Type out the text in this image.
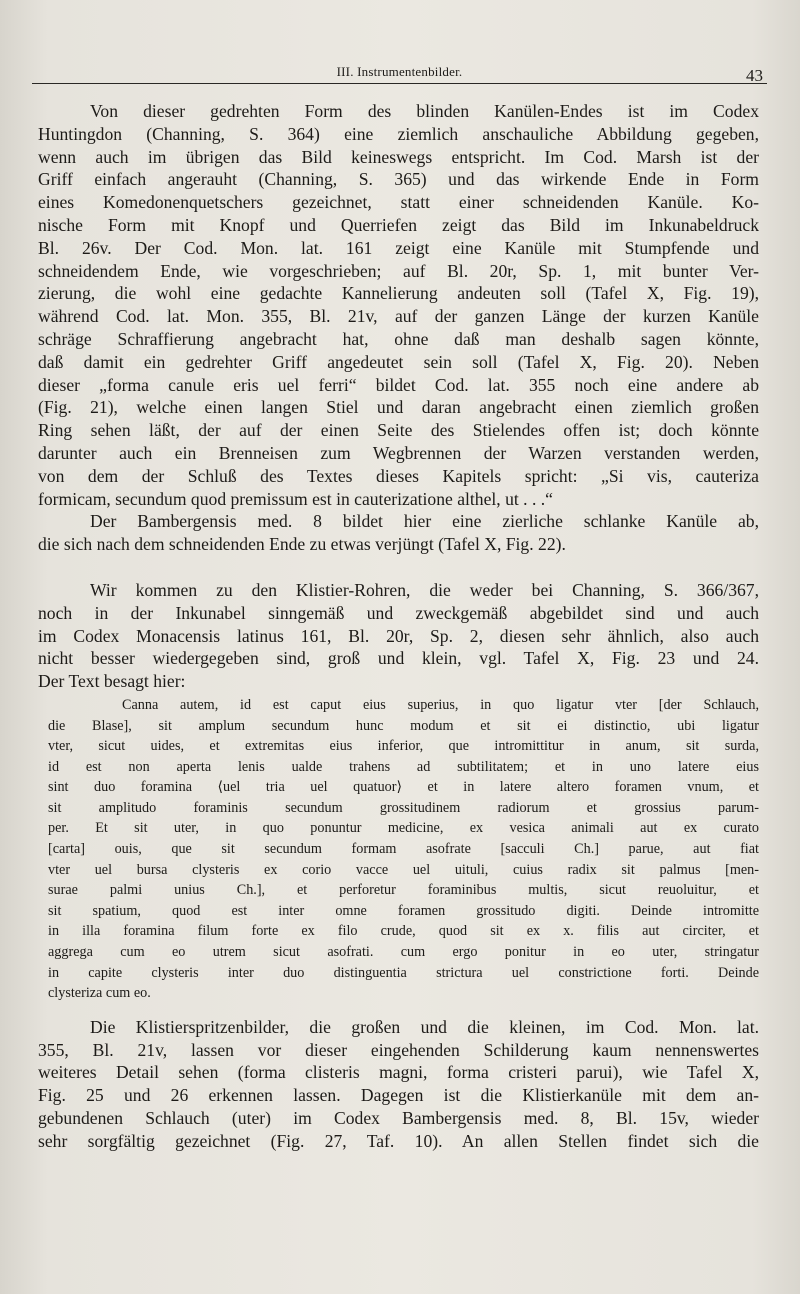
III. Instrumentenbilder.	43
Von dieser gedrehten Form des blinden Kanülen-Endes ist im Codex
Huntingdon (Channing, S. 364) eine ziemlich anschauliche Abbildung gegeben,
wenn auch im übrigen das Bild keineswegs entspricht. Im Cod. Marsh ist der
Griff einfach angerauht (Channing, S. 365) und das wirkende Ende in Form
eines Komedonenquetschers gezeichnet, statt einer schneidenden Kanüle. Ko-
nische Form mit Knopf und Querriefen zeigt das Bild im Inkunabeldruck
Bl. 26v. Der Cod. Mon. lat. 161 zeigt eine Kanüle mit Stumpfende und
schneidendem Ende, wie vorgeschrieben; auf Bl. 20r, Sp. 1, mit bunter Ver-
zierung, die wohl eine gedachte Kannelierung andeuten soll (Tafel X, Fig. 19),
während Cod. lat. Mon. 355, Bl. 21v, auf der ganzen Länge der kurzen Kanüle
schräge Schraffierung angebracht hat, ohne daß man deshalb sagen könnte,
daß damit ein gedrehter Griff angedeutet sein soll (Tafel X, Fig. 20). Neben
dieser „forma canule eris uel ferri“ bildet Cod. lat. 355 noch eine andere ab
(Fig. 21), welche einen langen Stiel und daran angebracht einen ziemlich großen
Ring sehen läßt, der auf der einen Seite des Stielendes offen ist; doch könnte
darunter auch ein Brenneisen zum Wegbrennen der Warzen verstanden werden,
von dem der Schluß des Textes dieses Kapitels spricht: „Si vis, cauteriza
formicam, secundum quod premissum est in cauterizatione althel, ut . . .“
Der Bambergensis med. 8 bildet hier eine zierliche schlanke Kanüle ab,
die sich nach dem schneidenden Ende zu etwas verjüngt (Tafel X, Fig. 22).
Wir kommen zu den Klistier-Rohren, die weder bei Channing, S. 366/367,
noch in der Inkunabel sinngemäß und zweckgemäß abgebildet sind und auch
im Codex Monacensis latinus 161, Bl. 20r, Sp. 2, diesen sehr ähnlich, also auch
nicht besser wiedergegeben sind, groß und klein, vgl. Tafel X, Fig. 23 und 24.
Der Text besagt hier:
Canna autem, id est caput eius superius, in quo ligatur vter [der Schlauch,
die Blase], sit amplum secundum hunc modum et sit ei distinctio, ubi ligatur
vter, sicut uides, et extremitas eius inferior, que intromittitur in anum, sit surda,
id est non aperta lenis ualde trahens ad subtilitatem; et in uno latere eius
sint duo foramina ⟨uel tria uel quatuor⟩ et in latere altero foramen vnum, et
sit amplitudo foraminis secundum grossitudinem radiorum et grossius parum-
per. Et sit uter, in quo ponuntur medicine, ex vesica animali aut ex curato
[carta] ouis, que sit secundum formam asofrate [sacculi Ch.] parue, aut fiat
vter uel bursa clysteris ex corio vacce uel uituli, cuius radix sit palmus [men-
surae palmi unius Ch.], et perforetur foraminibus multis, sicut reuoluitur, et
sit spatium, quod est inter omne foramen grossitudo digiti. Deinde intromitte
in illa foramina filum forte ex filo crude, quod sit ex x. filis aut circiter, et
aggrega cum eo utrem sicut asofrati. cum ergo ponitur in eo uter, stringatur
in capite clysteris inter duo distinguentia strictura uel constrictione forti. Deinde
clysteriza cum eo.
Die Klistierspritzenbilder, die großen und die kleinen, im Cod. Mon. lat.
355, Bl. 21v, lassen vor dieser eingehenden Schilderung kaum nennenswertes
weiteres Detail sehen (forma clisteris magni, forma cristeri parui), wie Tafel X,
Fig. 25 und 26 erkennen lassen. Dagegen ist die Klistierkanüle mit dem an-
gebundenen Schlauch (uter) im Codex Bambergensis med. 8, Bl. 15v, wieder
sehr sorgfältig gezeichnet (Fig. 27, Taf. 10). An allen Stellen findet sich die
